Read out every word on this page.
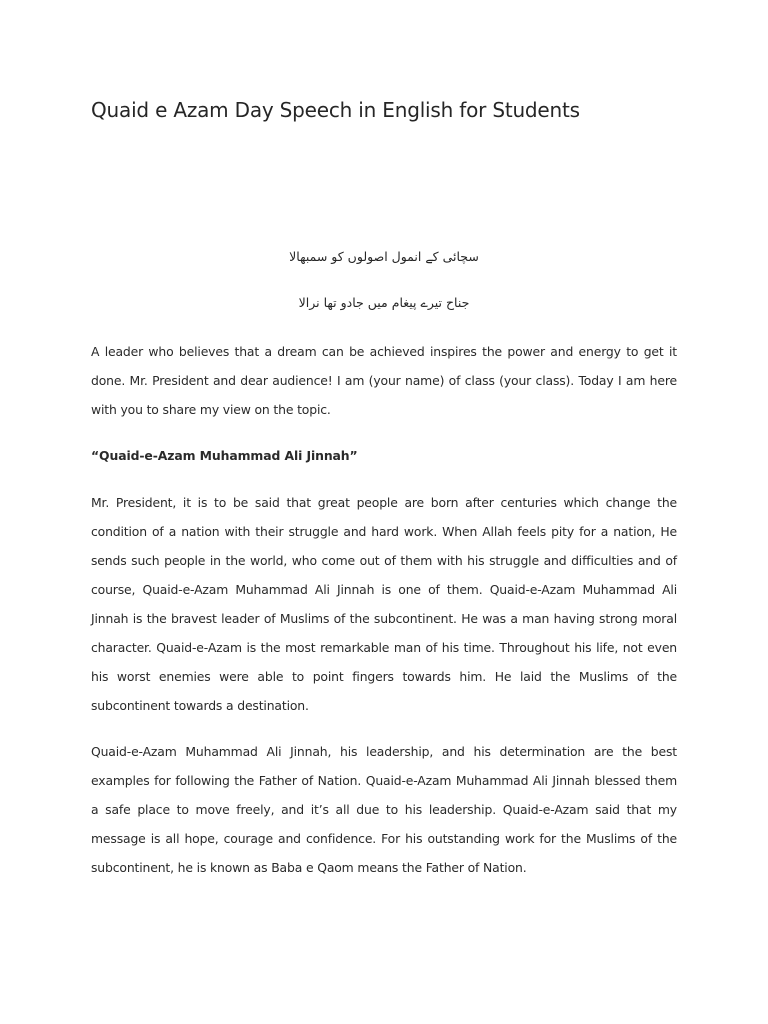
Quaid e Azam Day Speech in English for Students

سچائی کے انمول اصولوں کو سمبھالا

جناح تیرے پیغام میں جادو تھا نرالا

A leader who believes that a dream can be achieved inspires the power and energy to get it done. Mr. President and dear audience! I am (your name) of class (your class). Today I am here with you to share my view on the topic.

“Quaid-e-Azam Muhammad Ali Jinnah”

Mr. President, it is to be said that great people are born after centuries which change the condition of a nation with their struggle and hard work. When Allah feels pity for a nation, He sends such people in the world, who come out of them with his struggle and difficulties and of course, Quaid-e-Azam Muhammad Ali Jinnah is one of them. Quaid-e-Azam Muhammad Ali Jinnah is the bravest leader of Muslims of the subcontinent. He was a man having strong moral character. Quaid-e-Azam is the most remarkable man of his time. Throughout his life, not even his worst enemies were able to point fingers towards him. He laid the Muslims of the subcontinent towards a destination.

Quaid-e-Azam Muhammad Ali Jinnah, his leadership, and his determination are the best examples for following the Father of Nation. Quaid-e-Azam Muhammad Ali Jinnah blessed them a safe place to move freely, and it’s all due to his leadership. Quaid-e-Azam said that my message is all hope, courage and confidence. For his outstanding work for the Muslims of the subcontinent, he is known as Baba e Qaom means the Father of Nation.
